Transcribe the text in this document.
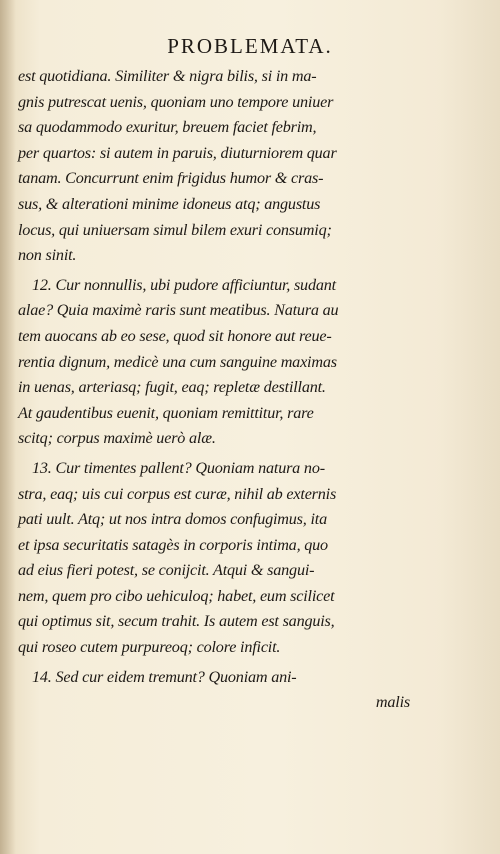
PROBLEMATA.
est quotidiana. Similiter & nigra bilis, si in ma-
gnis putrescat uenis, quoniam uno tempore uniuer
sa quodammodo exuritur, breuem faciet febrim,
per quartos: si autem in paruis, diuturniorem quar
tanam. Concurrunt enim frigidus humor & cras-
sus, & alterationi minime idoneus atq; angustus
locus, qui uniuersam simul bilem exuri consumiq;
non sinit.
12. Cur nonnullis, ubi pudore afficiuntur, sudant
alae? Quia maximè raris sunt meatibus. Natura au
tem auocans ab eo sese, quod sit honore aut reue-
rentia dignum, medicè una cum sanguine maximas
in uenas, arteriasq; fugit, eaq; repletæ destillant.
At gaudentibus euenit, quoniam remittitur, rare
scitq; corpus maximè uerò alæ.
13. Cur timentes pallent? Quoniam natura no-
stra, eaq; uis cui corpus est curæ, nihil ab externis
pati uult. Atq; ut nos intra domos confugimus, ita
et ipsa securitatis satagès in corporis intima, quo
ad eius fieri potest, se conijcit. Atqui & sangui-
nem, quem pro cibo uehiculoq; habet, eum scilicet
qui optimus sit, secum trahit. Is autem est sanguis,
qui roseo cutem purpureoq; colore inficit.
14. Sed cur eidem tremunt? Quoniam ani-
malis
